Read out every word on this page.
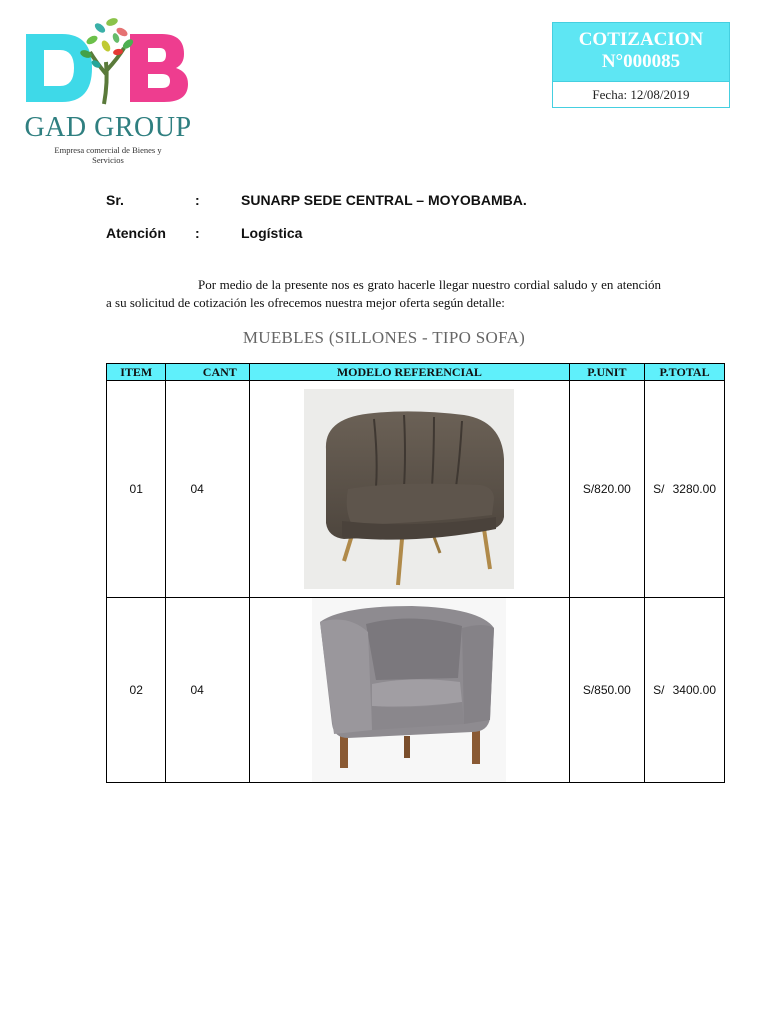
GAD GROUP
Empresa comercial de Bienes y Servicios
COTIZACION
N°000085
Fecha: 12/08/2019
Sr.	:	SUNARP SEDE CENTRAL – MOYOBAMBA.
Atención :	Logística
Por medio de la presente nos es grato hacerle llegar nuestro cordial saludo y en atención a su solicitud de cotización les ofrecemos nuestra mejor oferta según detalle:
MUEBLES (SILLONES - TIPO SOFA)
ITEM	CANT	MODELO REFERENCIAL	P.UNIT	P.TOTAL
01	04		S/820.00	S/ 3280.00

02	04		S/850.00	S/ 3400.00
